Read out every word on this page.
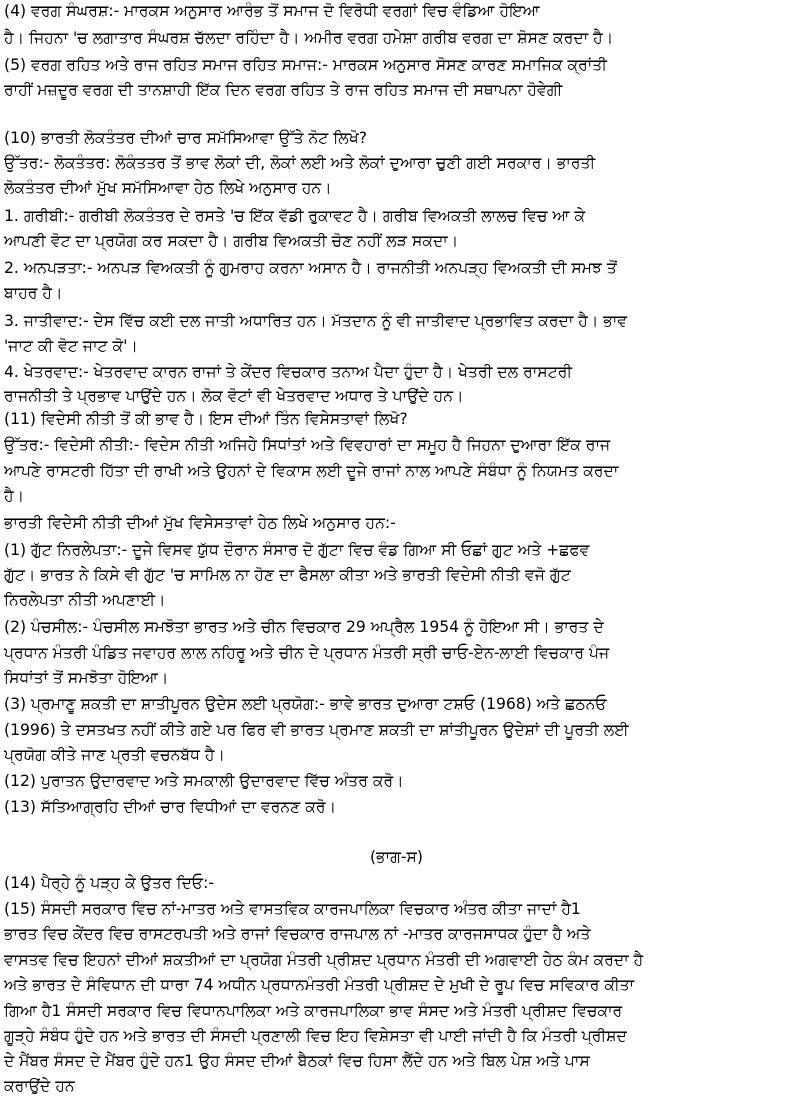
(4) ਵਰਗ ਸੰਘਰਸ਼:- ਮਾਰਕਸ ਅਨੁਸਾਰ ਆਰੰਭ ਤੋਂ ਸਮਾਜ ਦੋ ਵਿਰੋਧੀ ਵਰਗਾਂ ਵਿਚ ਵੰਡਿਆ ਹੋਇਆ
ਹੈ। ਜਿਹਨਾ 'ਚ ਲਗਾਤਾਰ ਸੰਘਰਸ਼ ਚੱਲਦਾ ਰਹਿੰਦਾ ਹੈ। ਅਮੀਰ ਵਰਗ ਹਮੇਸ਼ਾ ਗਰੀਬ ਵਰਗ ਦਾ ਸ਼ੋਸਣ ਕਰਦਾ ਹੈ।
(5) ਵਰਗ ਰਹਿਤ ਅਤੇ ਰਾਜ ਰਹਿਤ ਸਮਾਜ ਰਹਿਤ ਸਮਾਜ:- ਮਾਰਕਸ ਅਨੁਸਾਰ ਸੋਸਣ ਕਾਰਣ ਸਮਾਜਿਕ ਕ੍ਰਾਂਤੀ
ਰਾਹੀਂ ਮਜ਼ਦੂਰ ਵਰਗ ਦੀ ਤਾਨਸ਼ਾਹੀ ਇੱਕ ਦਿਨ ਵਰਗ ਰਹਿਤ ਤੇ ਰਾਜ ਰਹਿਤ ਸਮਾਜ ਦੀ ਸਥਾਪਨਾ ਹੋਵੇਗੀ
(10) ਭਾਰਤੀ ਲੋਕਤੰਤਰ ਦੀਆਂ ਚਾਰ ਸਮੱਸਿਆਵਾ ਉੱਤੇ ਨੋਟ ਲਿਖੋ?
ਉੱਤਰ:- ਲੋਕਤੰਤਰ: ਲੋਕੰਤਤਰ ਤੋਂ ਭਾਵ ਲੋਕਾਂ ਦੀ, ਲੋਕਾਂ ਲਈ ਅਤੇ ਲੋਕਾਂ ਦੁਆਰਾ ਚੁਣੀ ਗਈ ਸਰਕਾਰ। ਭਾਰਤੀ
ਲੋਕਤੰਤਰ ਦੀਆਂ ਮੁੱਖ ਸਮੱਸਿਆਵਾ ਹੇਠ ਲਿਖੇ ਅਨੁਸਾਰ ਹਨ।
1. ਗਰੀਬੀ:- ਗਰੀਬੀ ਲੋਕਤੰਤਰ ਦੇ ਰਸਤੇ 'ਚ ਇੱਕ ਵੱਡੀ ਰੁਕਾਵਟ ਹੈ। ਗਰੀਬ ਵਿਅਕਤੀ ਲਾਲਚ ਵਿਚ ਆ ਕੇ
ਆਪਣੀ ਵੋਟ ਦਾ ਪ੍ਰਯੋਗ ਕਰ ਸਕਦਾ ਹੈ। ਗਰੀਬ ਵਿਅਕਤੀ ਚੋਣ ਨਹੀਂ ਲੜ ਸਕਦਾ।
2. ਅਨਪੜਤਾ:- ਅਨਪੜ ਵਿਅਕਤੀ ਨੂੰ ਗੁਮਰਾਹ ਕਰਨਾ ਅਸਾਨ ਹੈ। ਰਾਜਨੀਤੀ ਅਨਪੜ੍ਹ ਵਿਅਕਤੀ ਦੀ ਸਮਝ ਤੋਂ
ਬਾਹਰ ਹੈ।
3. ਜਾਤੀਵਾਦ:- ਦੇਸ ਵਿੱਚ ਕਈ ਦਲ ਜਾਤੀ ਅਧਾਰਿਤ ਹਨ। ਮੱਤਦਾਨ ਨੂੰ ਵੀ ਜਾਤੀਵਾਦ ਪ੍ਰਭਾਵਿਤ ਕਰਦਾ ਹੈ। ਭਾਵ
'ਜਾਟ ਕੀ ਵੋਟ ਜਾਟ ਕੋ'।
4. ਖੇਤਰਵਾਦ:- ਖੇਤਰਵਾਦ ਕਾਰਨ ਰਾਜਾਂ ਤੇ ਕੇਂਦਰ ਵਿਚਕਾਰ ਤਨਾਅ ਪੈਦਾ ਹੁੰਦਾ ਹੈ। ਖੇਤਰੀ ਦਲ ਰਾਸਟਰੀ
ਰਾਜਨੀਤੀ ਤੇ ਪ੍ਰਭਾਵ ਪਾਉਂਦੇ ਹਨ। ਲੋਕ ਵੋਟਾਂ ਵੀ ਖੇਤਰਵਾਦ ਅਧਾਰ ਤੇ ਪਾਉਂਦੇ ਹਨ।
(11) ਵਿਦੇਸੀ ਨੀਤੀ ਤੋਂ ਕੀ ਭਾਵ ਹੈ। ਇਸ ਦੀਆਂ ਤਿੰਨ ਵਿਸੇਸਤਾਵਾਂ ਲਿਖੋ?
ਉੱਤਰ:- ਵਿਦੇਸੀ ਨੀਤੀ:- ਵਿਦੇਸ ਨੀਤੀ ਅਜਿਹੇ ਸਿਧਾਂਤਾਂ ਅਤੇ ਵਿਵਹਾਰਾਂ ਦਾ ਸਮੂਹ ਹੈ ਜਿਹਨਾ ਦੁਆਰਾ ਇੱਕ ਰਾਜ
ਆਪਣੇ ਰਾਸਟਰੀ ਹਿੱਤਾ ਦੀ ਰਾਖੀ ਅਤੇ ਉਹਨਾਂ ਦੇ ਵਿਕਾਸ ਲਈ ਦੂਜੇ ਰਾਜਾਂ ਨਾਲ ਆਪਣੇ ਸੰਬੰਧਾ ਨੂੰ ਨਿਯਮਤ ਕਰਦਾ
ਹੈ।
ਭਾਰਤੀ ਵਿਦੇਸੀ ਨੀਤੀ ਦੀਆਂ ਮੁੱਖ ਵਿਸੇਸਤਾਵਾਂ ਹੇਠ ਲਿਖੇ ਅਨੁਸਾਰ ਹਨ:-
(1) ਗੁੱਟ ਨਿਰਲੇਪਤਾ:- ਦੂਜੇ ਵਿਸਵ ਯੁੱਧ ਦੌਰਾਨ ਸੰਸਾਰ ਦੋ ਗੁੱਟਾ ਵਿਚ ਵੰਡ ਗਿਆ ਸੀ ਓਛਾਂ ਗੁਟ ਅਤੇ +ਛਫਵ
ਗੁੱਟ। ਭਾਰਤ ਨੇ ਕਿਸੇ ਵੀ ਗੁੱਟ 'ਚ ਸਾਮਿਲ ਨਾ ਹੋਣ ਦਾ ਫੈਸਲਾ ਕੀਤਾ ਅਤੇ ਭਾਰਤੀ ਵਿਦੇਸੀ ਨੀਤੀ ਵਜੋ ਗੁੱਟ
ਨਿਰਲੇਪਤਾ ਨੀਤੀ ਅਪਣਾਈ।
(2) ਪੰਚਸੀਲ:- ਪੰਚਸੀਲ ਸਮਝੋਤਾ ਭਾਰਤ ਅਤੇ ਚੀਨ ਵਿਚਕਾਰ 29 ਅਪ੍ਰੈਲ 1954 ਨੂੰ ਹੋਇਆ ਸੀ। ਭਾਰਤ ਦੇ
ਪ੍ਰਧਾਨ ਮੰਤਰੀ ਪੰਡਿਤ ਜਵਾਹਰ ਲਾਲ ਨਹਿਰੂ ਅਤੇ ਚੀਨ ਦੇ ਪ੍ਰਧਾਨ ਮੰਤਰੀ ਸ੍ਰੀ ਚਾਓ-ਏਨ-ਲਾਈ ਵਿਚਕਾਰ ਪੰਜ
ਸਿਧਾਂਤਾਂ ਤੋਂ ਸਮਝੋਤਾ ਹੋਇਆ।
(3) ਪ੍ਰਮਾਣੂ ਸ਼ਕਤੀ ਦਾ ਸ਼ਾਤੀਪੂਰਨ ਉਦੇਸ ਲਈ ਪ੍ਰਯੋਗ:- ਭਾਵੇ ਭਾਰਤ ਦੁਆਰਾ ਟਸ਼ਓ (1968) ਅਤੇ ਛਠਨਓ
(1996) ਤੇ ਦਸਤਖਤ ਨਹੀਂ ਕੀਤੇ ਗਏ ਪਰ ਫਿਰ ਵੀ ਭਾਰਤ ਪ੍ਰਮਾਣ ਸ਼ਕਤੀ ਦਾ ਸ਼ਾਂਤੀਪੂਰਨ ਉਦੇਸ਼ਾਂ ਦੀ ਪੂਰਤੀ ਲਈ
ਪ੍ਰਯੋਗ ਕੀਤੇ ਜਾਣ ਪ੍ਰਤੀ ਵਚਨਬੱਧ ਹੈ।
(12) ਪੁਰਾਤਨ ਉਦਾਰਵਾਦ ਅਤੇ ਸਮਕਾਲੀ ਉਦਾਰਵਾਦ ਵਿੱਚ ਅੰਤਰ ਕਰੋ।
(13) ਸੱਤਿਆਗ੍ਰਹਿ ਦੀਆਂ ਚਾਰ ਵਿਧੀਆਂ ਦਾ ਵਰਨਣ ਕਰੋ।
(ਭਾਗ-ਸ)
(14) ਪੈਰ੍ਹੇ ਨੂੰ ਪੜ੍ਹ ਕੇ ਉਤਰ ਦਿਓ:-
(15) ਸੰਸਦੀ ਸਰਕਾਰ ਵਿਚ ਨਾਂ-ਮਾਤਰ ਅਤੇ ਵਾਸਤਵਿਕ ਕਾਰਜਪਾਲਿਕਾ ਵਿਚਕਾਰ ਅੰਤਰ ਕੀਤਾ ਜਾਦਾਂ ਹੈ1
ਭਾਰਤ ਵਿਚ ਕੇਂਦਰ ਵਿਚ ਰਾਸਟਰਪਤੀ ਅਤੇ ਰਾਜਾਂ ਵਿਚਕਾਰ ਰਾਜਪਾਲ ਨਾਂ -ਮਾਤਰ ਕਾਰਜਸਾਧਕ ਹੁੰਦਾ ਹੈ ਅਤੇ
ਵਾਸਤਵ ਵਿਚ ਇਹਨਾਂ ਦੀਆਂ ਸ਼ਕਤੀਆਂ ਦਾ ਪ੍ਰਯੋਗ ਮੰਤਰੀ ਪ੍ਰੀਸ਼ਦ ਪ੍ਰਧਾਨ ਮੰਤਰੀ ਦੀ ਅਗਵਾਈ ਹੇਠ ਕੰਮ ਕਰਦਾ ਹੈ
ਅਤੇ ਭਾਰਤ ਦੇ ਸੰਵਿਧਾਨ ਦੀ ਧਾਰਾ 74 ਅਧੀਨ ਪ੍ਰਧਾਨਮੰਤਰੀ ਮੰਤਰੀ ਪ੍ਰੀਸ਼ਦ ਦੇ ਮੁਖੀ ਦੇ ਰੂਪ ਵਿਚ ਸਵਿਕਾਰ ਕੀਤਾ
ਗਿਆ ਹੈ1 ਸੰਸਦੀ ਸਰਕਾਰ ਵਿਚ ਵਿਧਾਨਪਾਲਿਕਾ ਅਤੇ ਕਾਰਜਪਾਲਿਕਾ ਭਾਵ ਸੰਸਦ ਅਤੇ ਮੰਤਰੀ ਪ੍ਰੀਸ਼ਦ ਵਿਚਕਾਰ
ਗੂੜ੍ਹੇ ਸੰਬੰਧ ਹੁੰਦੇ ਹਨ ਅਤੇ ਭਾਰਤ ਦੀ ਸੰਸਦੀ ਪ੍ਰਣਾਲੀ ਵਿਚ ਇਹ ਵਿਸ਼ੇਸਤਾ ਵੀ ਪਾਈ ਜਾਂਦੀ ਹੈ ਕਿ ਮੰਤਰੀ ਪ੍ਰੀਸ਼ਦ
ਦੇ ਮੈਂਬਰ ਸੰਸਦ ਦੇ ਮੈਂਬਰ ਹੁੰਦੇ ਹਨ1 ਉਹ ਸੰਸਦ ਦੀਆਂ ਬੈਠਕਾਂ ਵਿਚ ਹਿਸਾ ਲੈਂਦੇ ਹਨ ਅਤੇ ਬਿਲ ਪੇਸ਼ ਅਤੇ ਪਾਸ
ਕਰਾਉਂਦੇ ਹਨ
